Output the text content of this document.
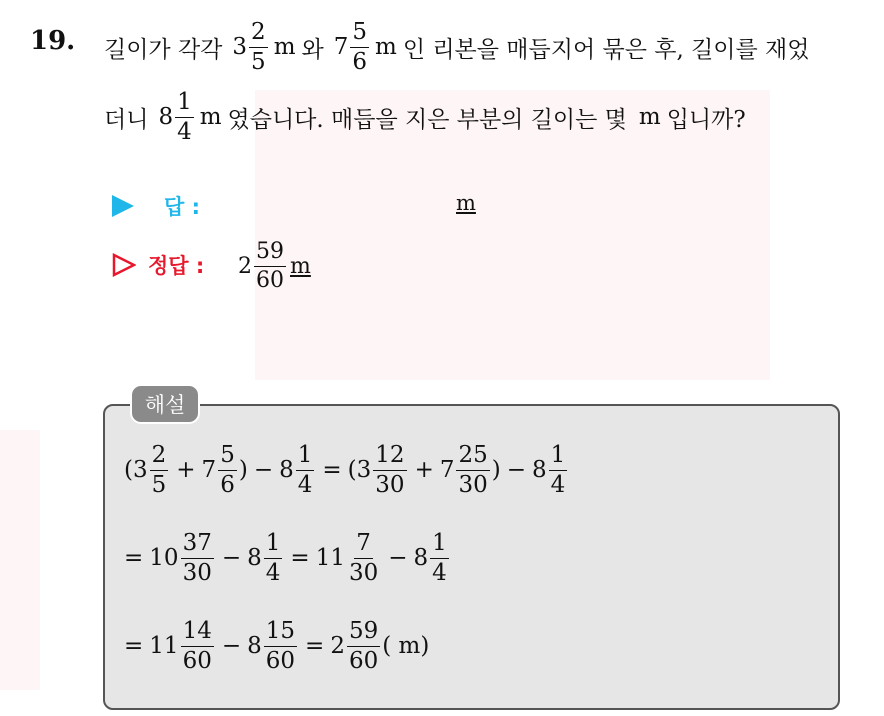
19. 길이가 각각 $3 \frac{2}{5}$ m 와 $7 \frac{5}{6}$ m 인 리본을 매듭지어 묶은 후, 길이를 재었
더니 $8 \frac{1}{4}$ m 였습니다. 매듭을 지은 부분의 길이는 몇 m 입니까?
답 :	m
정답 : $2 \frac{59}{60}$ m
해설
( $3 \frac{2}{5} + 7 \frac{5}{6}$ ) − $8 \frac{1}{4}$ = ( $3 \frac{12}{30} + 7 \frac{25}{30}$ ) − $8 \frac{1}{4}$
= $10 \frac{37}{30} - 8 \frac{1}{4} = 11 \frac{7}{30} - 8 \frac{1}{4}$
= $11 \frac{14}{60} - 8 \frac{15}{60} = 2 \frac{59}{60}$ ( m)
